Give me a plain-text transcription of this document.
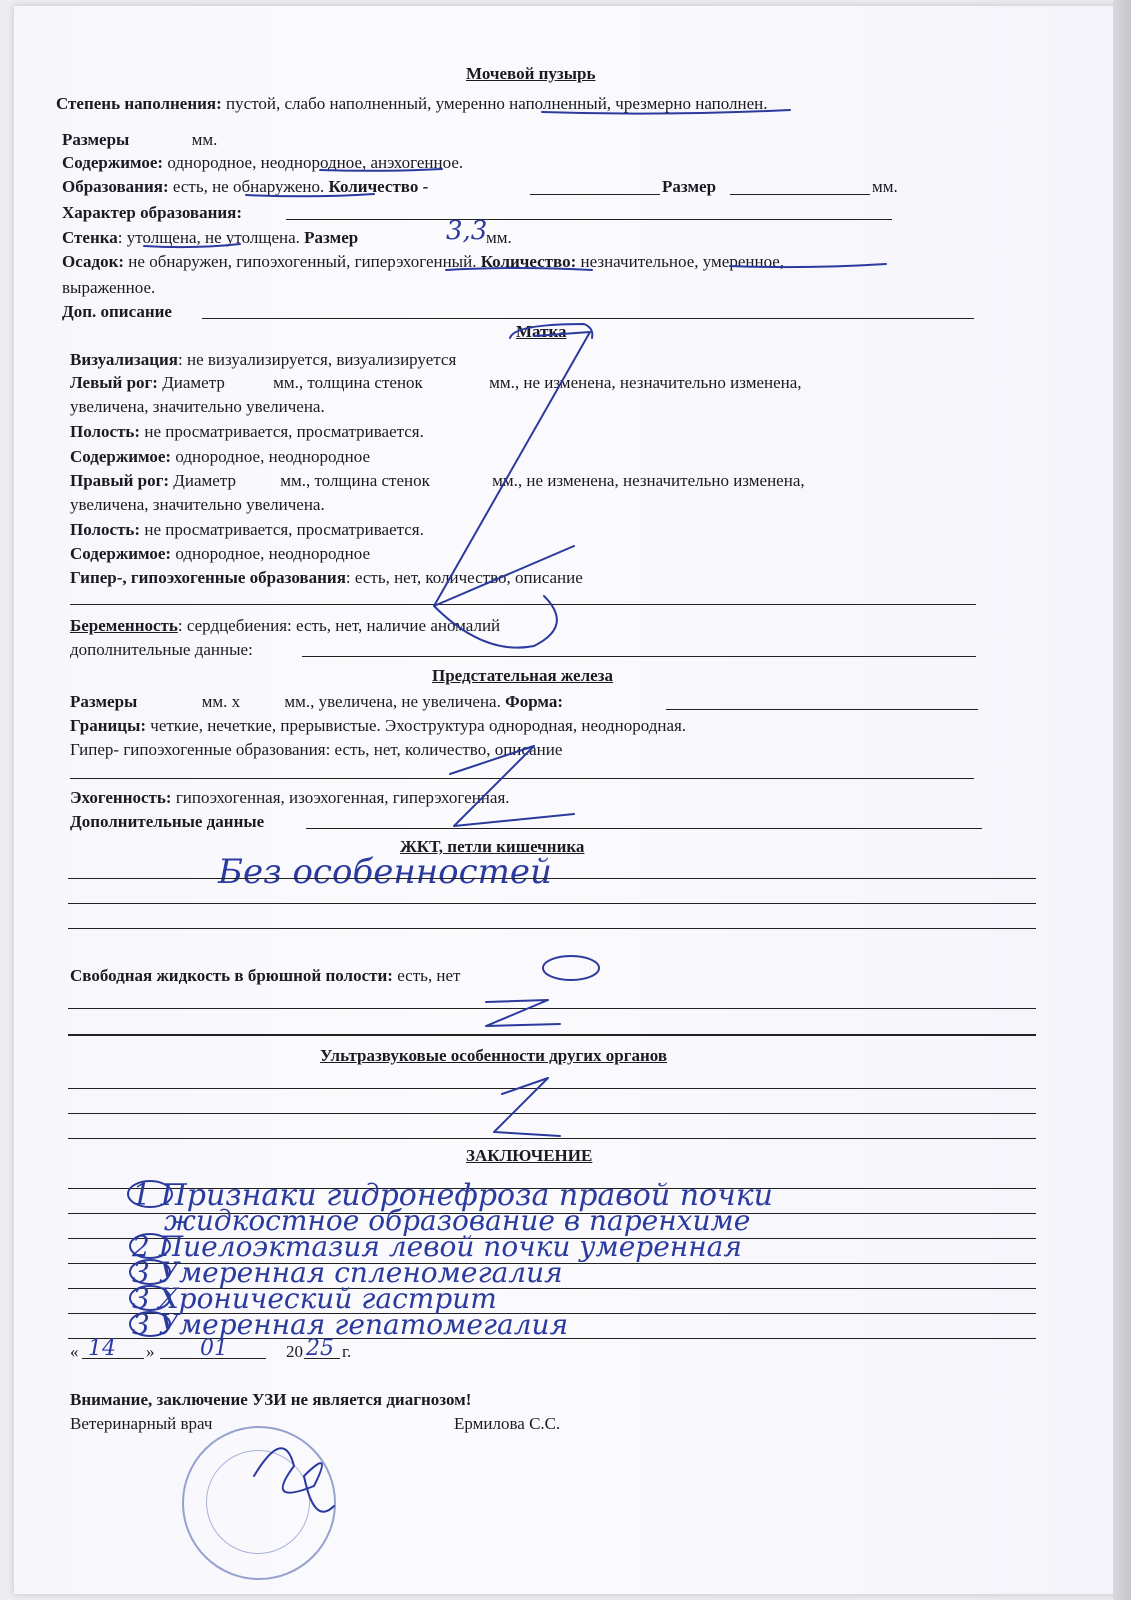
Мочевой пузырь
Степень наполнения: пустой, слабо наполненный, умеренно наполненный, чрезмерно наполнен.
Размеры	мм.
Содержимое: однородное, неоднородное, анэхогенное.
Образования: есть, не обнаружено. Количество -	Размер	мм.
Характер образования:
Стенка: утолщена, не утолщена. Размер	3,3
мм.
Осадок: не обнаружен, гипоэхогенный, гиперэхогенный. Количество: незначительное, умеренное,
выраженное.
Доп. описание
Матка
Визуализация: не визуализируется, визуализируется
Левый рог: Диаметр	мм., толщина стенок	мм., не изменена, незначительно изменена,
увеличена, значительно увеличена.
Полость: не просматривается, просматривается.
Содержимое: однородное, неоднородное
Правый рог: Диаметр	мм., толщина стенок	мм., не изменена, незначительно изменена,
увеличена, значительно увеличена.
Полость: не просматривается, просматривается.
Содержимое: однородное, неоднородное
Гипер-, гипоэхогенные образования: есть, нет, количество, описание
Беременность: сердцебиения: есть, нет, наличие аномалий
дополнительные данные:
Предстательная железа
Размеры	мм. х	мм., увеличена, не увеличена. Форма:
Границы: четкие, нечеткие, прерывистые. Эхоструктура однородная, неоднородная.
Гипер- гипоэхогенные образования: есть, нет, количество, описание
Эхогенность: гипоэхогенная, изоэхогенная, гиперэхогенная.
Дополнительные данные
ЖКТ, петли кишечника
Без особенностей
Свободная жидкость в брюшной полости: есть, нет
Ультразвуковые особенности других органов
ЗАКЛЮЧЕНИЕ
1 Признаки гидронефроза правой почки
жидкостное образование в паренхиме
2 Пиелоэктазия левой почки умеренная
3 Умеренная спленомегалия
3 Хронический гастрит
3 Умеренная гепатомегалия
« 14 » 01	20 25 г.
Внимание, заключение УЗИ не является диагнозом!
Ветеринарный врач	Ермилова С.С.
